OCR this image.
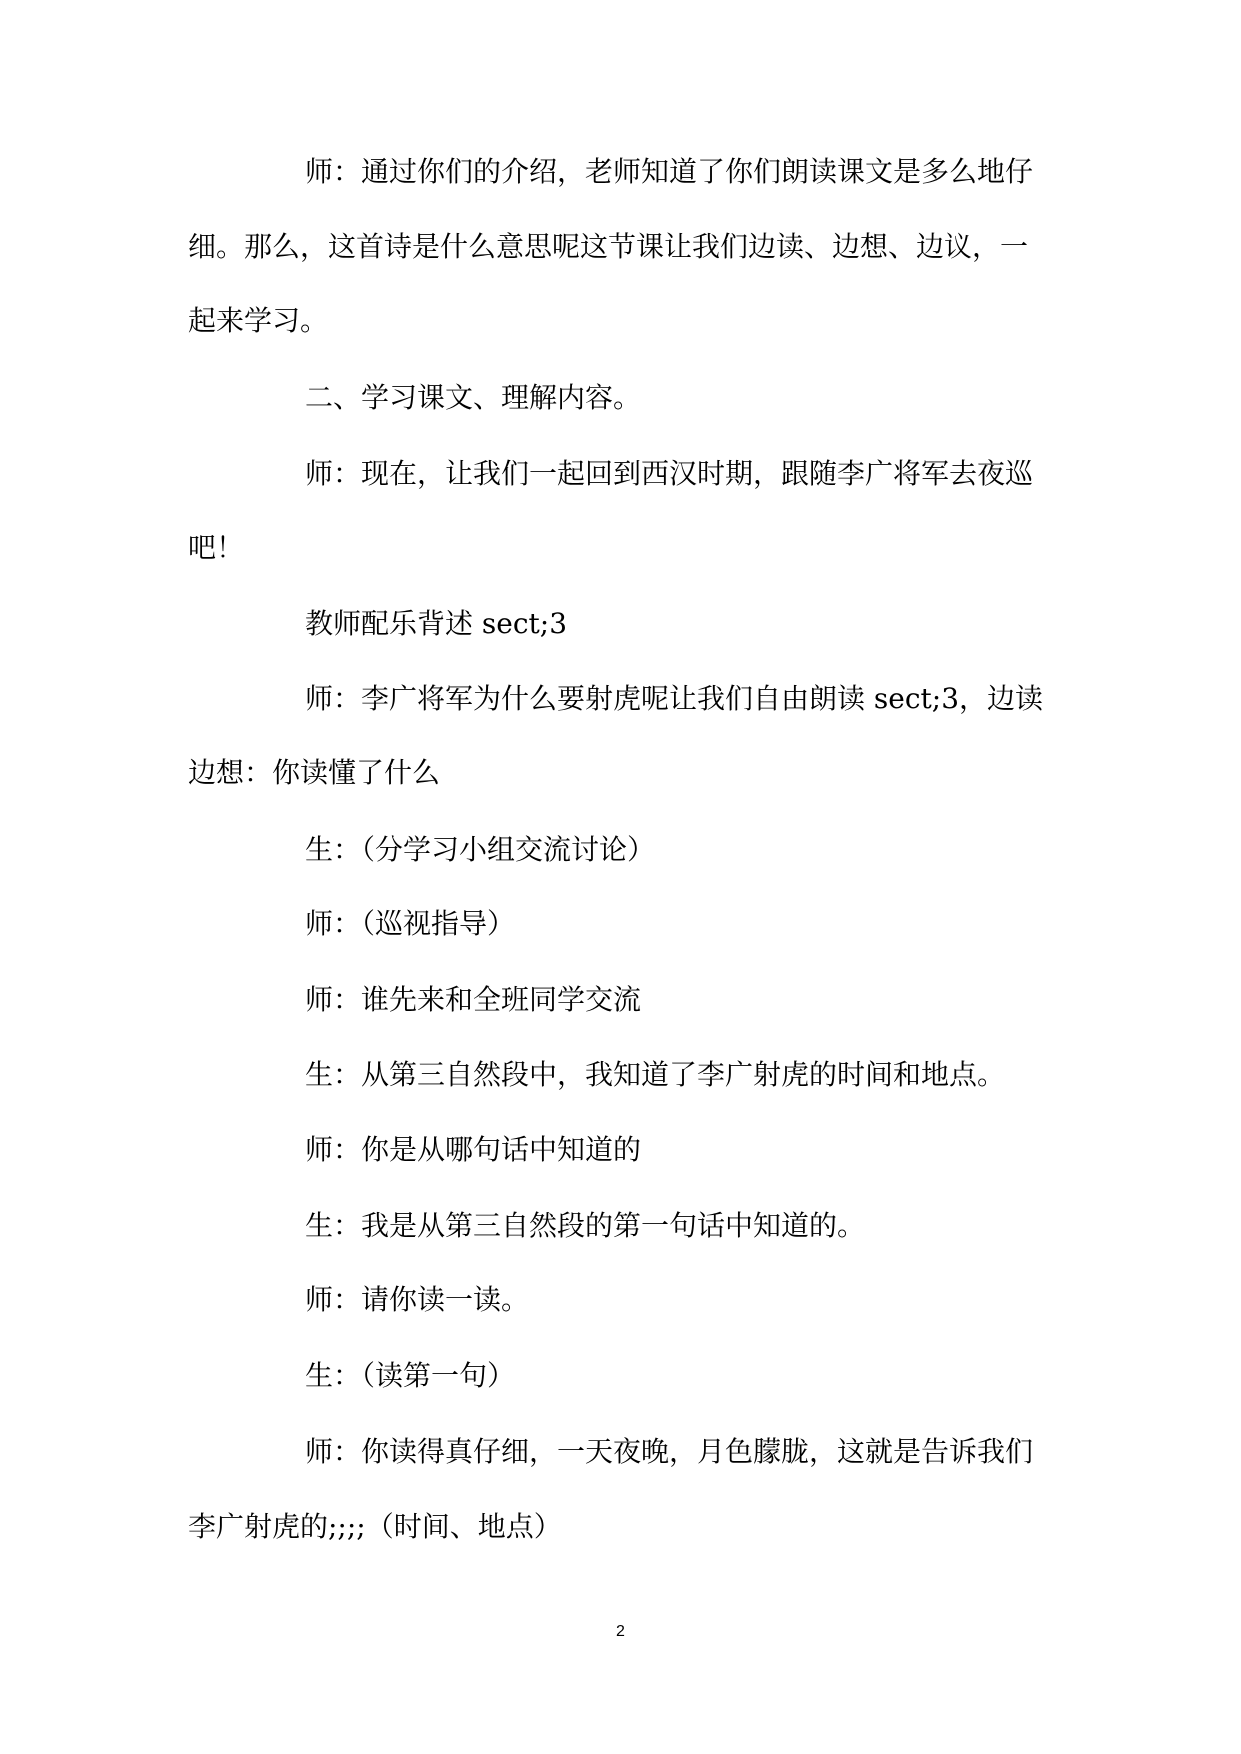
师：通过你们的介绍，老师知道了你们朗读课文是多么地仔
细。那么，这首诗是什么意思呢这节课让我们边读、边想、边议，一
起来学习。
二、学习课文、理解内容。
师：现在，让我们一起回到西汉时期，跟随李广将军去夜巡
吧！
教师配乐背述 sect;3
师：李广将军为什么要射虎呢让我们自由朗读 sect;3，边读
边想：你读懂了什么
生：（分学习小组交流讨论）
师：（巡视指导）
师：谁先来和全班同学交流
生：从第三自然段中，我知道了李广射虎的时间和地点。
师：你是从哪句话中知道的
生：我是从第三自然段的第一句话中知道的。
师：请你读一读。
生：（读第一句）
师：你读得真仔细，一天夜晚，月色朦胧，这就是告诉我们
李广射虎的;;;;（时间、地点）
2
